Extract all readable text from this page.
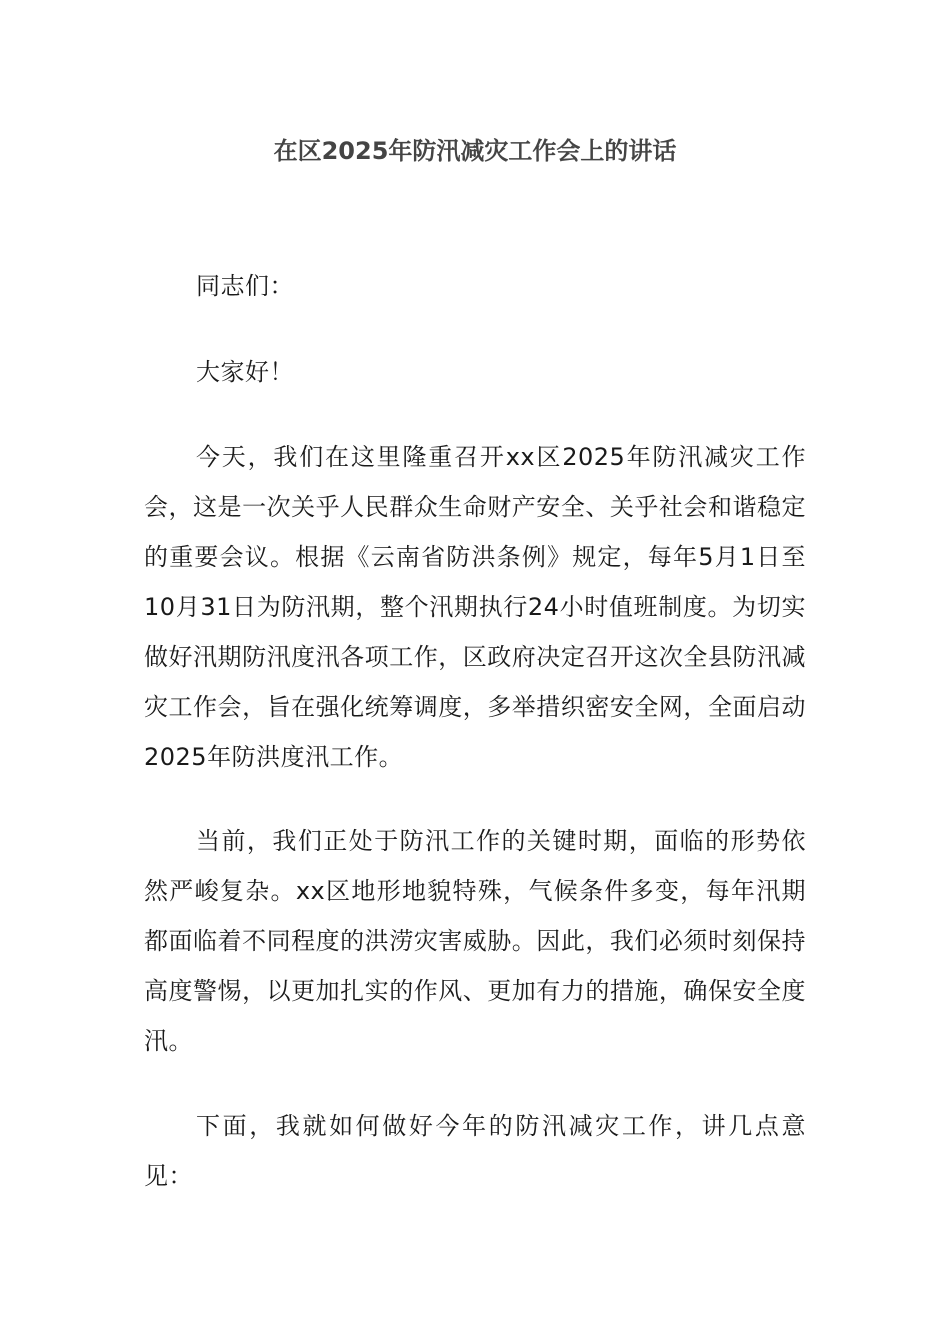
在区2025年防汛减灾工作会上的讲话

同志们：

大家好！

今天，我们在这里隆重召开xx区2025年防汛减灾工作会，这是一次关乎人民群众生命财产安全、关乎社会和谐稳定的重要会议。根据《云南省防洪条例》规定，每年5月1日至10月31日为防汛期，整个汛期执行24小时值班制度。为切实做好汛期防汛度汛各项工作，区政府决定召开这次全县防汛减灾工作会，旨在强化统筹调度，多举措织密安全网，全面启动2025年防洪度汛工作。

当前，我们正处于防汛工作的关键时期，面临的形势依然严峻复杂。xx区地形地貌特殊，气候条件多变，每年汛期都面临着不同程度的洪涝灾害威胁。因此，我们必须时刻保持高度警惕，以更加扎实的作风、更加有力的措施，确保安全度汛。

下面，我就如何做好今年的防汛减灾工作，讲几点意见：
